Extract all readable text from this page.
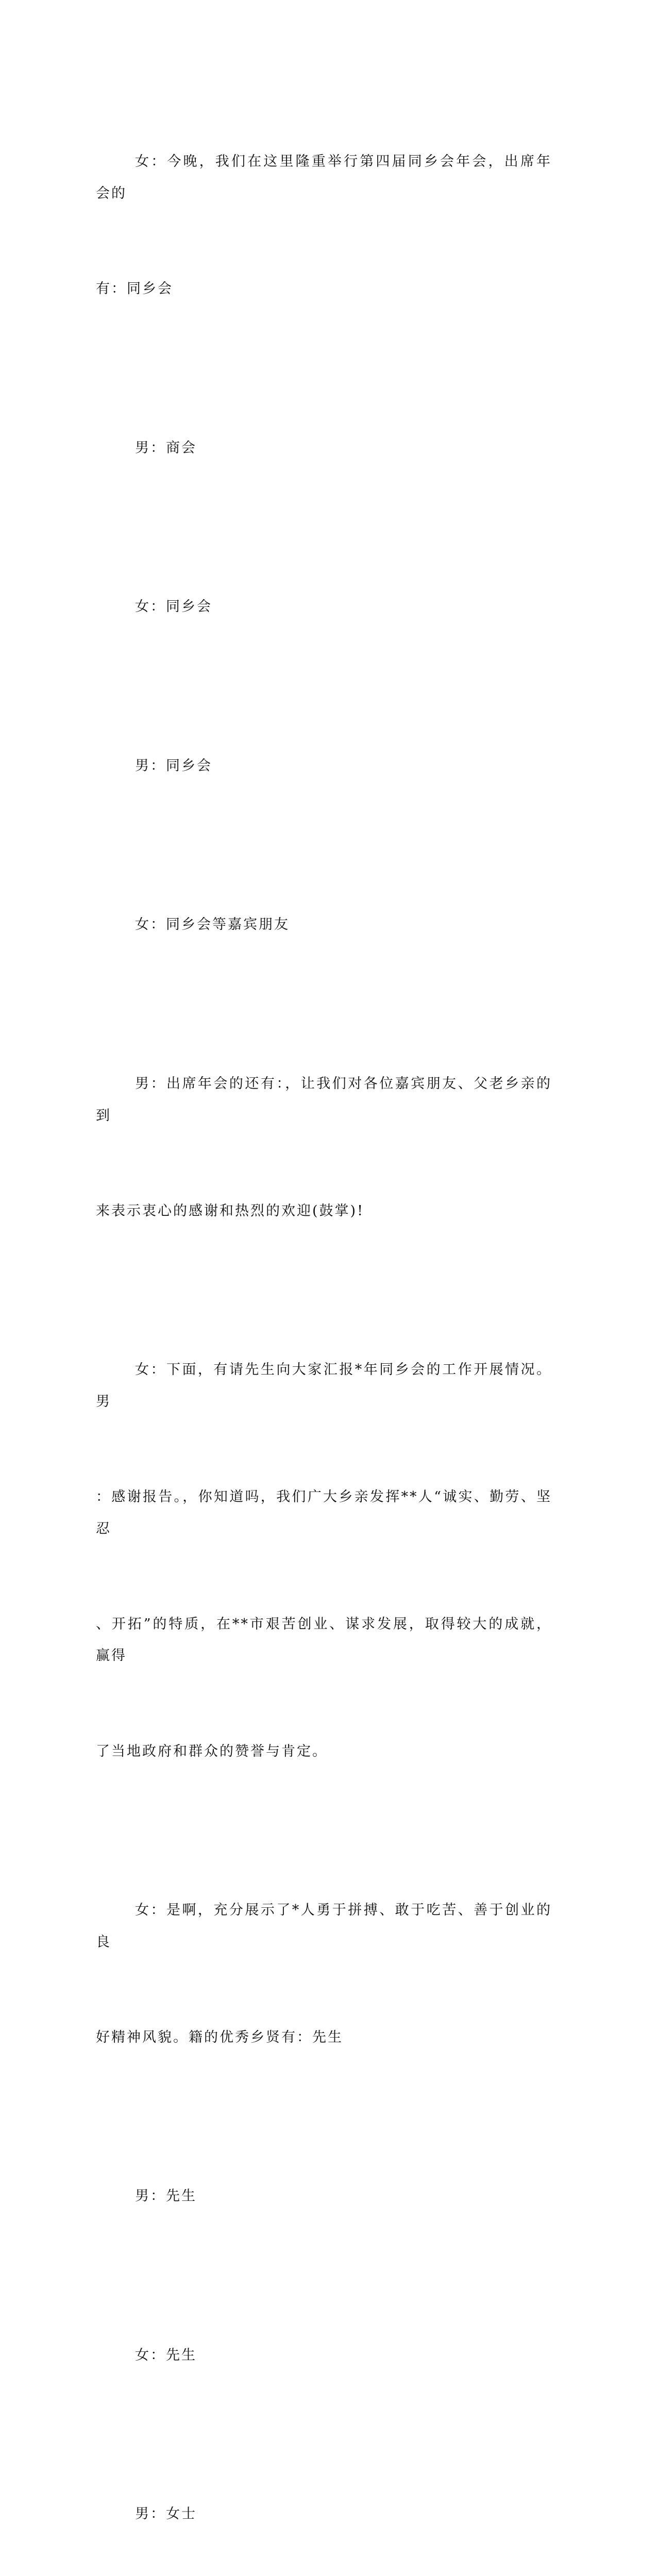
女：今晚，我们在这里隆重举行第四届同乡会年会，出席年会的

有：同乡会

男：商会

女：同乡会

男：同乡会

女：同乡会等嘉宾朋友

男：出席年会的还有：，让我们对各位嘉宾朋友、父老乡亲的到

来表示衷心的感谢和热烈的欢迎(鼓掌)!

女：下面，有请先生向大家汇报*年同乡会的工作开展情况。男

：感谢报告。，你知道吗，我们广大乡亲发挥**人“诚实、勤劳、坚忍

、开拓”的特质，在**市艰苦创业、谋求发展，取得较大的成就，赢得

了当地政府和群众的赞誉与肯定。

女：是啊，充分展示了*人勇于拼搏、敢于吃苦、善于创业的良

好精神风貌。籍的优秀乡贤有：先生

男：先生

女：先生

男：女士
